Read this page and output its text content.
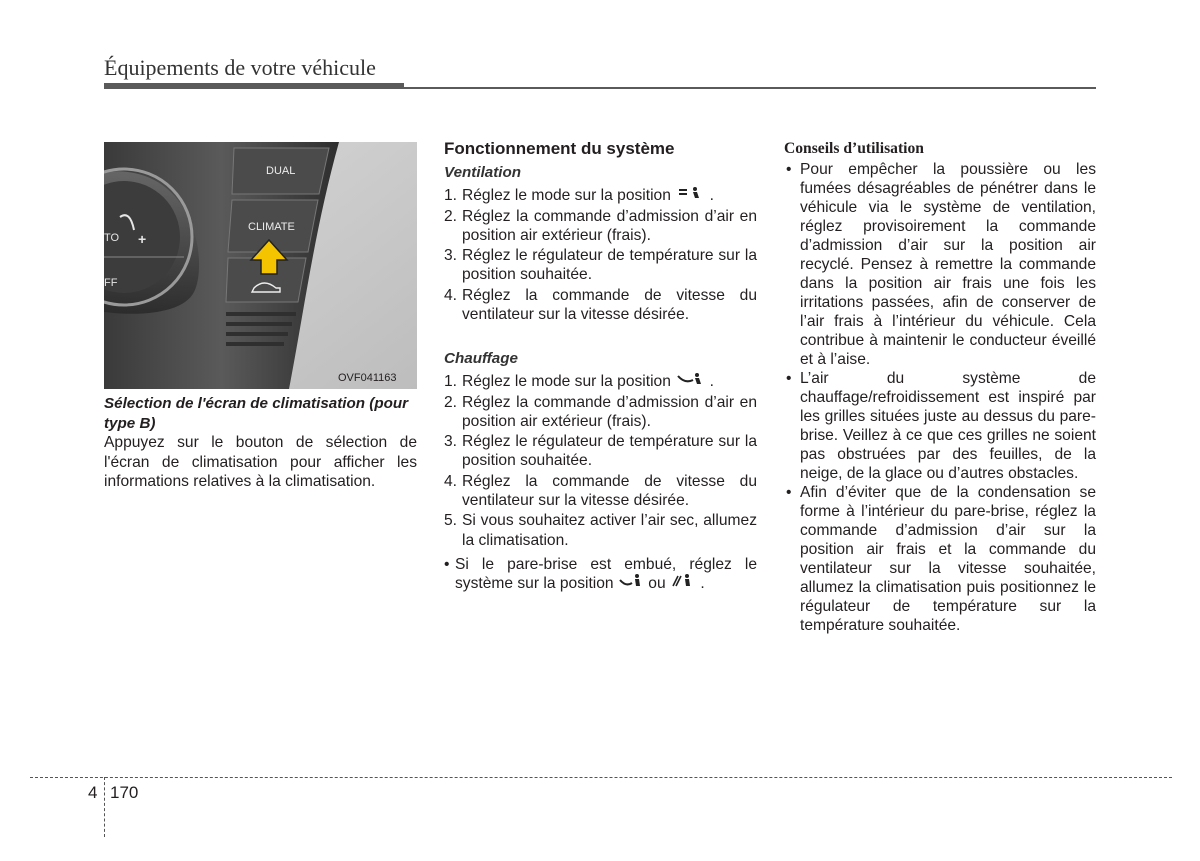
Équipements de votre véhicule
+
TO
FF
DUAL
CLIMATE
OVF041163
Sélection de l'écran de climatisation (pour type B)
Appuyez sur le bouton de sélection de l'écran de climatisation pour afficher les informations relatives à la climatisation.
Fonctionnement du système
Ventilation
1. Réglez le mode sur la position .
2. Réglez la commande d’admission d’air en position air extérieur (frais).
3. Réglez le régulateur de température sur la position souhaitée.
4. Réglez la commande de vitesse du ventilateur sur la vitesse désirée.
Chauffage
1. Réglez le mode sur la position .
2. Réglez la commande d’admission d’air en position air extérieur (frais).
3. Réglez le régulateur de température sur la position souhaitée.
4. Réglez la commande de vitesse du ventilateur sur la vitesse désirée.
5. Si vous souhaitez activer l’air sec, allumez la climatisation.
• Si le pare-brise est embué, réglez le système sur la position ou .
Conseils d’utilisation
• Pour empêcher la poussière ou les fumées désagréables de pénétrer dans le véhicule via le système de ventilation, réglez provisoirement la commande d’admission d’air sur la position air recyclé. Pensez à remettre la commande dans la position air frais une fois les irritations passées, afin de conserver de l’air frais à l’intérieur du véhicule. Cela contribue à maintenir le conducteur éveillé et à l’aise.
• L’air du système de chauffage/refroidissement est inspiré par les grilles situées juste au dessus du pare-brise. Veillez à ce que ces grilles ne soient pas obstruées par des feuilles, de la neige, de la glace ou d’autres obstacles.
• Afin d’éviter que de la condensation se forme à l’intérieur du pare-brise, réglez la commande d’admission d’air sur la position air frais et la commande du ventilateur sur la vitesse souhaitée, allumez la climatisation puis positionnez le régulateur de température sur la température souhaitée.
4 170
